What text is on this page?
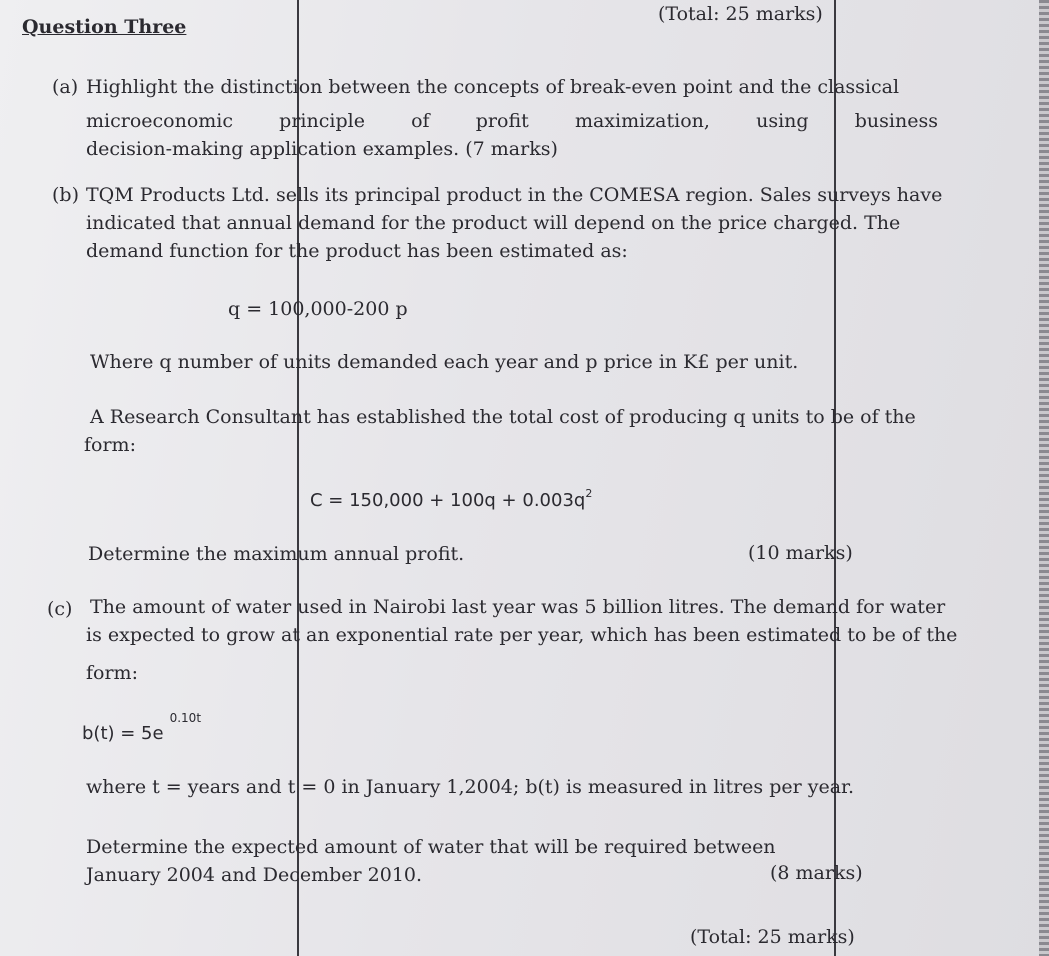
(Total: 25 marks)
Question Three
(a) Highlight the distinction between the concepts of break-even point and the classical
microeconomic principle of profit maximization, using business
decision-making application examples. (7 marks)
(b) TQM Products Ltd. sells its principal product in the COMESA region. Sales surveys have
indicated that annual demand for the product will depend on the price charged. The
demand function for the product has been estimated as:
q = 100,000-200 p
Where q number of units demanded each year and p price in K£ per unit.
A Research Consultant has established the total cost of producing q units to be of the
form:
$C = 150,000 + 100q + 0.003q^2$
Determine the maximum annual profit.	(10 marks)
(c) The amount of water used in Nairobi last year was 5 billion litres. The demand for water
is expected to grow at an exponential rate per year, which has been estimated to be of the
form:
$b(t) = 5e^{0.10t}$
where t = years and t = 0 in January 1,2004; b(t) is measured in litres per year.
Determine the expected amount of water that will be required between
January 2004 and December 2010.	(8 marks)
(Total: 25 marks)
